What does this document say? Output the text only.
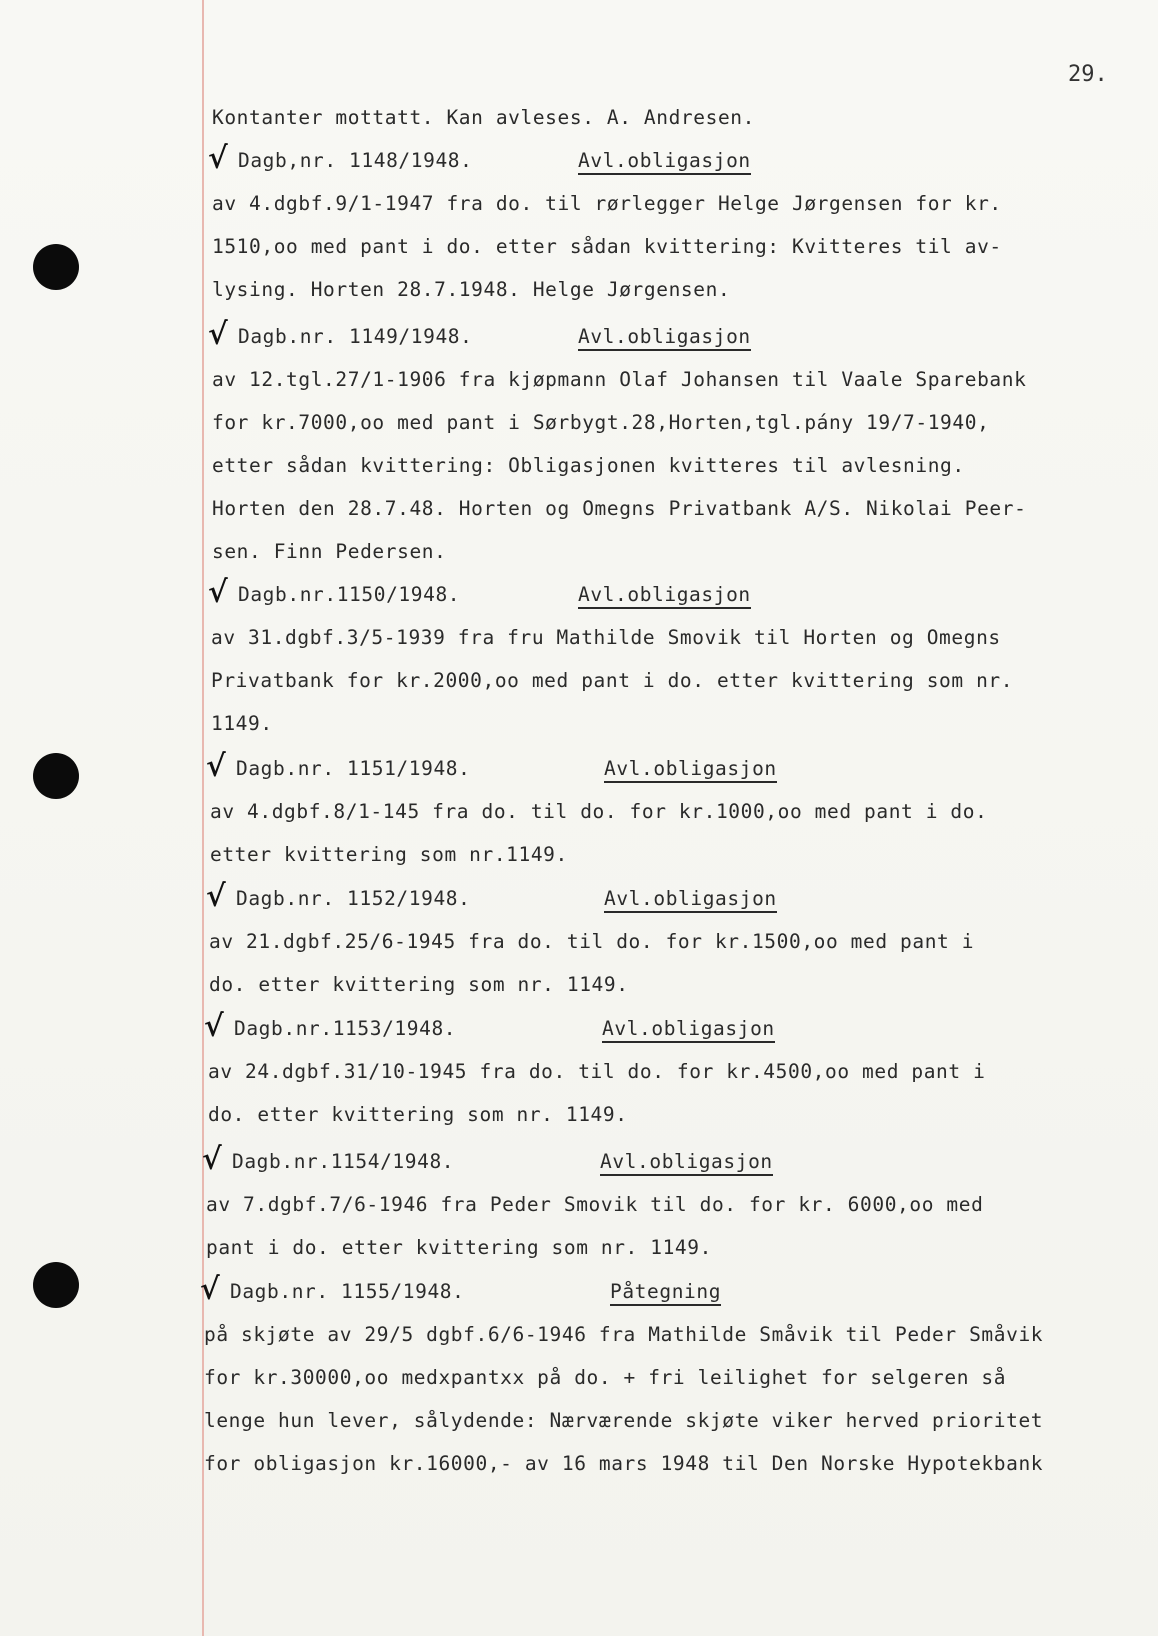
29.
Kontanter mottatt. Kan avleses. A. Andresen.
√ Dagb,nr. 1148/1948.	Avl.obligasjon
av 4.dgbf.9/1-1947 fra do. til rørlegger Helge Jørgensen for kr.
1510,oo med pant i do. etter sådan kvittering: Kvitteres til av-
lysing. Horten 28.7.1948. Helge Jørgensen.
√ Dagb.nr. 1149/1948.	Avl.obligasjon
av 12.tgl.27/1-1906 fra kjøpmann Olaf Johansen til Vaale Sparebank
for kr.7000,oo med pant i Sørbygt.28,Horten,tgl.pány 19/7-1940,
etter sådan kvittering: Obligasjonen kvitteres til avlesning.
Horten den 28.7.48. Horten og Omegns Privatbank A/S. Nikolai Peer-
sen. Finn Pedersen.
√ Dagb.nr.1150/1948.	Avl.obligasjon
av 31.dgbf.3/5-1939 fra fru Mathilde Smovik til Horten og Omegns
Privatbank for kr.2000,oo med pant i do. etter kvittering som nr.
1149.
√ Dagb.nr. 1151/1948.	Avl.obligasjon
av 4.dgbf.8/1-145 fra do. til do. for kr.1000,oo med pant i do.
etter kvittering som nr.1149.
√ Dagb.nr. 1152/1948.	Avl.obligasjon
av 21.dgbf.25/6-1945 fra do. til do. for kr.1500,oo med pant i
do. etter kvittering som nr. 1149.
√ Dagb.nr.1153/1948.	Avl.obligasjon
av 24.dgbf.31/10-1945 fra do. til do. for kr.4500,oo med pant i
do. etter kvittering som nr. 1149.
√ Dagb.nr.1154/1948.	Avl.obligasjon
av 7.dgbf.7/6-1946 fra Peder Smovik til do. for kr. 6000,oo med
pant i do. etter kvittering som nr. 1149.
√ Dagb.nr. 1155/1948.	Påtegning
på skjøte av 29/5 dgbf.6/6-1946 fra Mathilde Småvik til Peder Småvik
for kr.30000,oo medxpantxx på do. + fri leilighet for selgeren så
lenge hun lever, sålydende: Nærværende skjøte viker herved prioritet
for obligasjon kr.16000,- av 16 mars 1948 til Den Norske Hypotekbank
